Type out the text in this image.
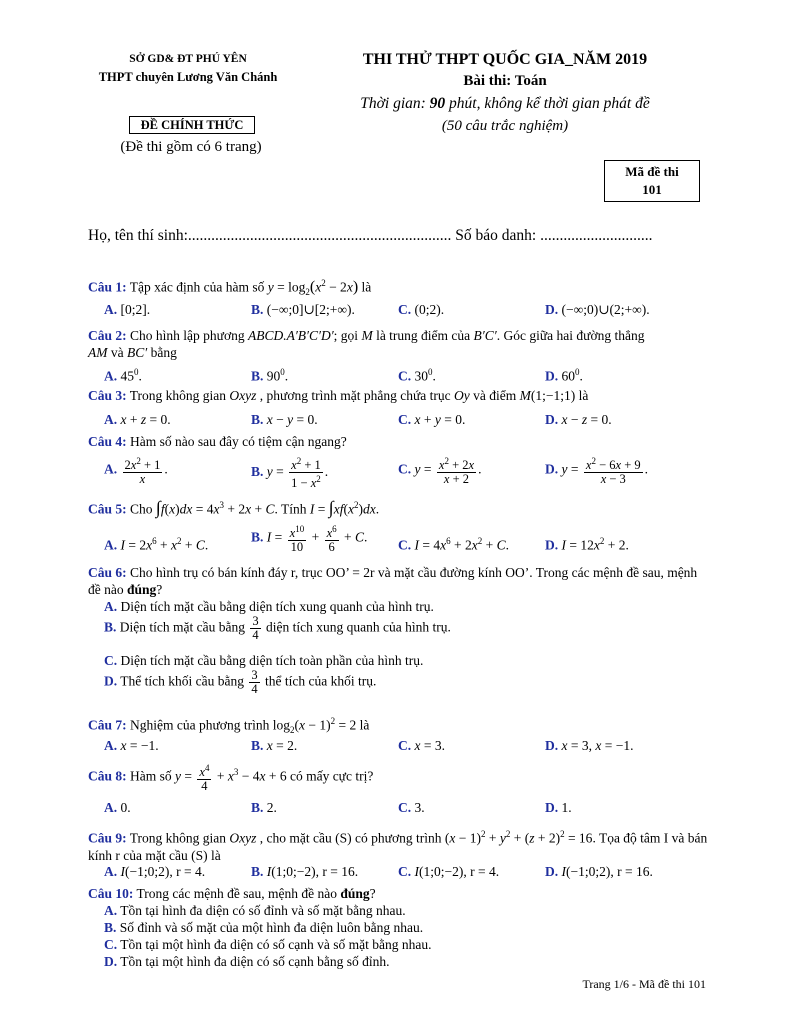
SỞ GD& ĐT PHÚ YÊN
THPT chuyên Lương Văn Chánh
ĐỀ CHÍNH THỨC
(Đề thi gồm có 6 trang)
THI THỬ THPT QUỐC GIA_NĂM 2019
Bài thi: Toán
Thời gian: 90 phút, không kể thời gian phát đề
(50 câu trắc nghiệm)
Mã đề thi
101
Họ, tên thí sinh:.................................................................... Số báo danh: .............................
Câu 1: Tập xác định của hàm số $y = \log_2(x^2 - 2x)$ là
A. [0;2].	B. (−∞;0]∪[2;+∞).	C. (0;2).	D. (−∞;0)∪(2;+∞).
Câu 2: Cho hình lập phương ABCD.A′B′C′D′; gọi M là trung điểm của B′C′. Góc giữa hai đường thẳng
AM và BC′ bằng
A. $45^0$.	B. $90^0$.	C. $30^0$.	D. $60^0$.
Câu 3: Trong không gian Oxyz , phương trình mặt phẳng chứa trục Oy và điểm M(1;−1;1) là
A. x + z = 0.	B. x − y = 0.	C. x + y = 0.	D. x − z = 0.
Câu 4: Hàm số nào sau đây có tiệm cận ngang?
A. $\frac{2x^2 + 1}{x}$ .	B. $y = \frac{x^2 + 1}{1 - x^2}$ .	C. $y = \frac{x^2 + 2x}{x + 2}$ .	D. $y = \frac{x^2 - 6x + 9}{x - 3}$ .
Câu 5: Cho $\int f(x)dx = 4x^3 + 2x + C$. Tính $I = \int xf(x^2)dx$.
A. $I = 2x^6 + x^2 + C$.
B. $I = \frac{x^{10}}{10} + \frac{x^6}{6} + C$.
C. $I = 4x^6 + 2x^2 + C$.	D. $I = 12x^2 + 2$.
Câu 6: Cho hình trụ có bán kính đáy r, trục OO’ = 2r và mặt cầu đường kính OO’. Trong các mệnh đề sau, mệnh đề nào đúng?
A. Diện tích mặt cầu bằng diện tích xung quanh của hình trụ.
B. Diện tích mặt cầu bằng $\frac{3}{4}$ diện tích xung quanh của hình trụ.
C. Diện tích mặt cầu bằng diện tích toàn phần của hình trụ.
D. Thể tích khối cầu bằng $\frac{3}{4}$ thể tích của khối trụ.
Câu 7: Nghiệm của phương trình $\log_2(x - 1)^2 = 2$ là
A. x = −1.	B. x = 2.	C. x = 3.	D. x = 3, x = −1.
Câu 8: Hàm số $y = \frac{x^4}{4} + x^3 - 4x + 6$ có mấy cực trị?
A. 0.	B. 2.	C. 3.	D. 1.
Câu 9: Trong không gian Oxyz , cho mặt cầu (S) có phương trình $(x - 1)^2 + y^2 + (z + 2)^2 = 16$. Tọa độ tâm I và bán kính r của mặt cầu (S) là
A. I(−1;0;2), r = 4.	B. I(1;0;−2), r = 16.	C. I(1;0;−2), r = 4.	D. I(−1;0;2), r = 16.
Câu 10: Trong các mệnh đề sau, mệnh đề nào đúng?
A. Tồn tại hình đa diện có số đỉnh và số mặt bằng nhau.
B. Số đỉnh và số mặt của một hình đa diện luôn bằng nhau.
C. Tồn tại một hình đa diện có số cạnh và số mặt bằng nhau.
D. Tồn tại một hình đa diện có số cạnh bằng số đỉnh.
Trang 1/6 - Mã đề thi 101
